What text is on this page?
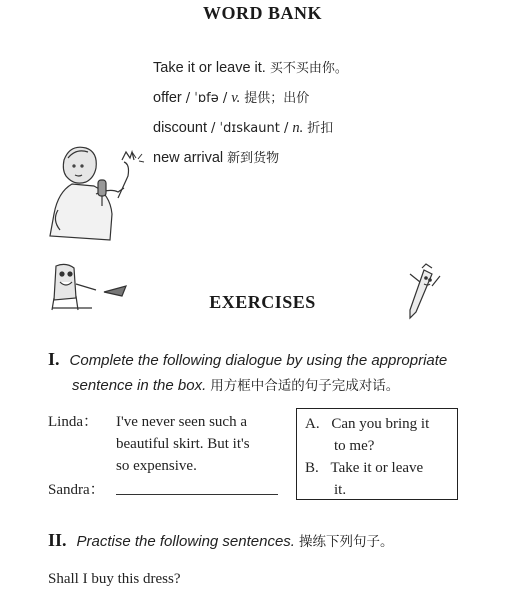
WORD BANK
Take it or leave it. 买不买由你。
offer / ˈɒfə / v. 提供；出价
discount / ˈdɪskaunt / n. 折扣
new arrival 新到货物
EXERCISES
I. Complete the following dialogue by using the appropriate
sentence in the box. 用方框中合适的句子完成对话。
Linda： I've never seen such a
beautiful skirt. But it's
so expensive.
Sandra：
A. Can you bring it
to me?
B. Take it or leave
it.
II. Practise the following sentences. 操练下列句子。
Shall I buy this dress?
